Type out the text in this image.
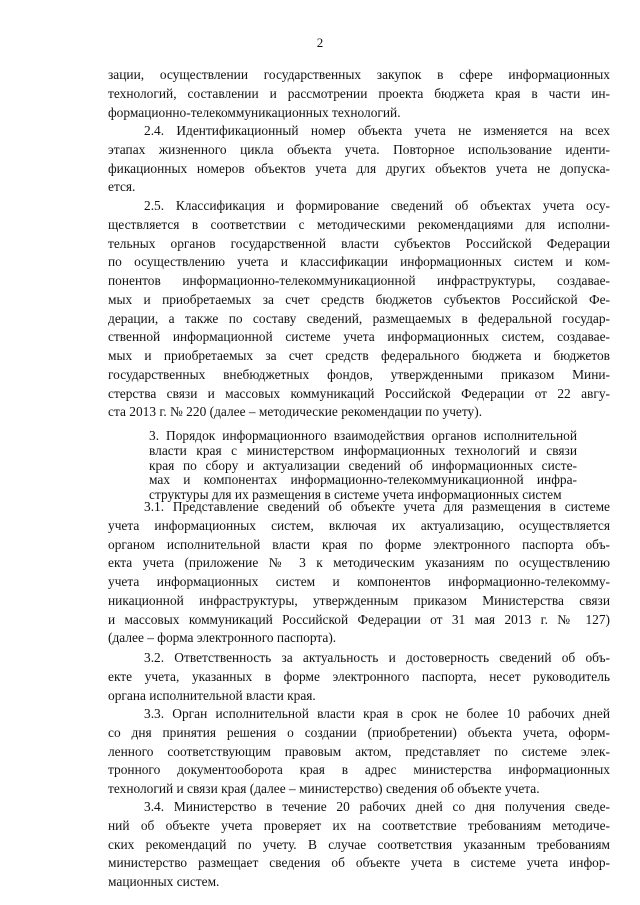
2
зации, осуществлении государственных закупок в сфере информационных
технологий, составлении и рассмотрении проекта бюджета края в части ин-
формационно-телекоммуникационных технологий.
2.4. Идентификационный номер объекта учета не изменяется на всех
этапах жизненного цикла объекта учета. Повторное использование иденти-
фикационных номеров объектов учета для других объектов учета не допуска-
ется.
2.5. Классификация и формирование сведений об объектах учета осу-
ществляется в соответствии с методическими рекомендациями для исполни-
тельных органов государственной власти субъектов Российской Федерации
по осуществлению учета и классификации информационных систем и ком-
понентов информационно-телекоммуникационной инфраструктуры, создавае-
мых и приобретаемых за счет средств бюджетов субъектов Российской Фе-
дерации, а также по составу сведений, размещаемых в федеральной государ-
ственной информационной системе учета информационных систем, создавае-
мых и приобретаемых за счет средств федерального бюджета и бюджетов
государственных внебюджетных фондов, утвержденными приказом Мини-
стерства связи и массовых коммуникаций Российской Федерации от 22 авгу-
ста 2013 г. № 220 (далее – методические рекомендации по учету).
3. Порядок информационного взаимодействия органов исполнительной
власти края с министерством информационных технологий и связи
края по сбору и актуализации сведений об информационных систе-
мах и компонентах информационно-телекоммуникационной инфра-
структуры для их размещения в системе учета информационных систем
3.1. Представление сведений об объекте учета для размещения в системе
учета информационных систем, включая их актуализацию, осуществляется
органом исполнительной власти края по форме электронного паспорта объ-
екта учета (приложение № 3 к методическим указаниям по осуществлению
учета информационных систем и компонентов информационно-телекомму-
никационной инфраструктуры, утвержденным приказом Министерства связи
и массовых коммуникаций Российской Федерации от 31 мая 2013 г. № 127)
(далее – форма электронного паспорта).
3.2. Ответственность за актуальность и достоверность сведений об объ-
екте учета, указанных в форме электронного паспорта, несет руководитель
органа исполнительной власти края.
3.3. Орган исполнительной власти края в срок не более 10 рабочих дней
со дня принятия решения о создании (приобретении) объекта учета, оформ-
ленного соответствующим правовым актом, представляет по системе элек-
тронного документооборота края в адрес министерства информационных
технологий и связи края (далее – министерство) сведения об объекте учета.
3.4. Министерство в течение 20 рабочих дней со дня получения сведе-
ний об объекте учета проверяет их на соответствие требованиям методиче-
ских рекомендаций по учету. В случае соответствия указанным требованиям
министерство размещает сведения об объекте учета в системе учета инфор-
мационных систем.
